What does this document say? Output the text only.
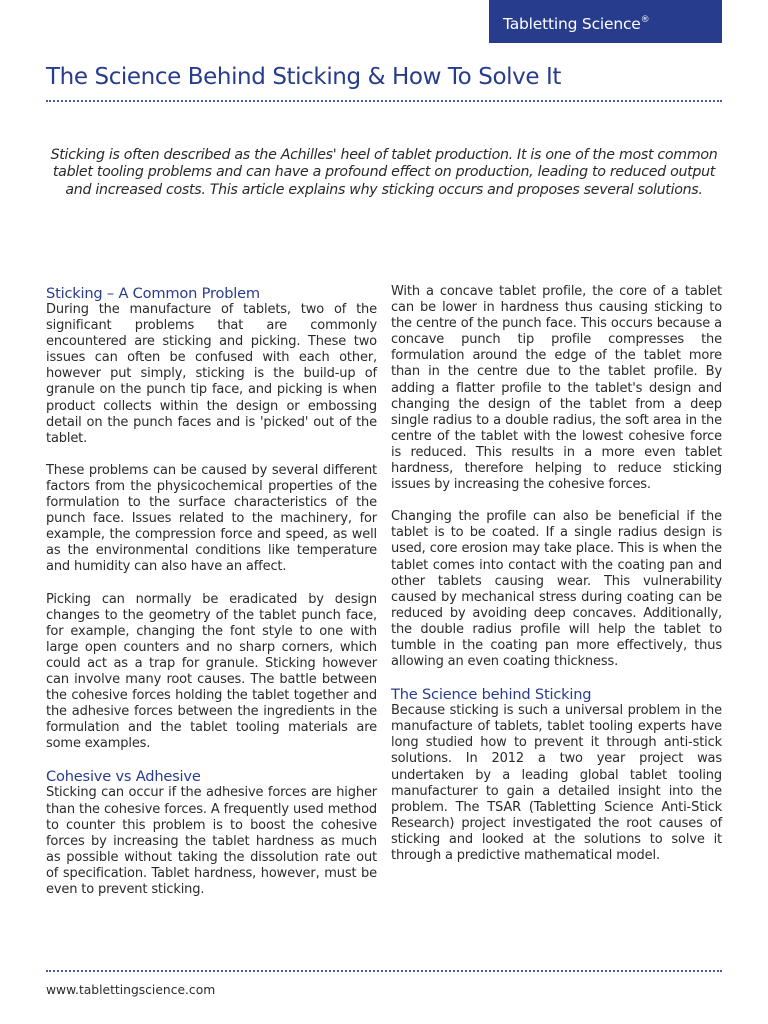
Tabletting Science®
The Science Behind Sticking & How To Solve It

Sticking is often described as the Achilles' heel of tablet production. It is one of the most common tablet tooling problems and can have a profound effect on production, leading to reduced output and increased costs. This article explains why sticking occurs and proposes several solutions.

Sticking – A Common Problem

During the manufacture of tablets, two of the significant problems that are commonly encountered are sticking and picking. These two issues can often be confused with each other, however put simply, sticking is the build-up of granule on the punch tip face, and picking is when product collects within the design or embossing detail on the punch faces and is 'picked' out of the tablet.

These problems can be caused by several different factors from the physicochemical properties of the formulation to the surface characteristics of the punch face. Issues related to the machinery, for example, the compression force and speed, as well as the environmental conditions like temperature and humidity can also have an affect.

Picking can normally be eradicated by design changes to the geometry of the tablet punch face, for example, changing the font style to one with large open counters and no sharp corners, which could act as a trap for granule. Sticking however can involve many root causes. The battle between the cohesive forces holding the tablet together and the adhesive forces between the ingredients in the formulation and the tablet tooling materials are some examples.

Cohesive vs Adhesive

Sticking can occur if the adhesive forces are higher than the cohesive forces. A frequently used method to counter this problem is to boost the cohesive forces by increasing the tablet hardness as much as possible without taking the dissolution rate out of specification. Tablet hardness, however, must be even to prevent sticking.

With a concave tablet profile, the core of a tablet can be lower in hardness thus causing sticking to the centre of the punch face. This occurs because a concave punch tip profile compresses the formulation around the edge of the tablet more than in the centre due to the tablet profile. By adding a flatter profile to the tablet's design and changing the design of the tablet from a deep single radius to a double radius, the soft area in the centre of the tablet with the lowest cohesive force is reduced. This results in a more even tablet hardness, therefore helping to reduce sticking issues by increasing the cohesive forces.

Changing the profile can also be beneficial if the tablet is to be coated. If a single radius design is used, core erosion may take place. This is when the tablet comes into contact with the coating pan and other tablets causing wear. This vulnerability caused by mechanical stress during coating can be reduced by avoiding deep concaves. Additionally, the double radius profile will help the tablet to tumble in the coating pan more effectively, thus allowing an even coating thickness.

The Science behind Sticking

Because sticking is such a universal problem in the manufacture of tablets, tablet tooling experts have long studied how to prevent it through anti-stick solutions. In 2012 a two year project was undertaken by a leading global tablet tooling manufacturer to gain a detailed insight into the problem. The TSAR (Tabletting Science Anti-Stick Research) project investigated the root causes of sticking and looked at the solutions to solve it through a predictive mathematical model.

www.tablettingscience.com
